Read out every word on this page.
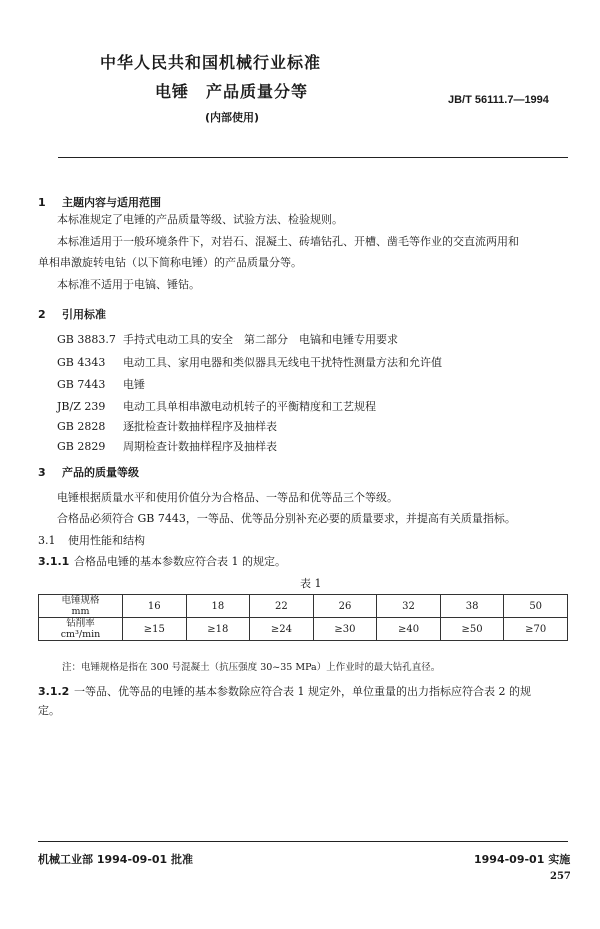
中华人民共和国机械行业标准
电锤　产品质量分等	JB/T 56111.7—1994
(内部使用)
1 主题内容与适用范围
本标准规定了电锤的产品质量等级、试验方法、检验规则。
本标准适用于一般环境条件下，对岩石、混凝土、砖墙钻孔、开槽、凿毛等作业的交直流两用和
单相串激旋转电钻（以下简称电锤）的产品质量分等。
本标准不适用于电镐、锤钻。
2 引用标准
GB 3883.7 手持式电动工具的安全　第二部分　电镐和电锤专用要求
GB 4343 电动工具、家用电器和类似器具无线电干扰特性测量方法和允许值
GB 7443 电锤
JB/Z 239 电动工具单相串激电动机转子的平衡精度和工艺规程
GB 2828 逐批检查计数抽样程序及抽样表
GB 2829 周期检查计数抽样程序及抽样表
3 产品的质量等级
电锤根据质量水平和使用价值分为合格品、一等品和优等品三个等级。
合格品必须符合 GB 7443，一等品、优等品分别补充必要的质量要求，并提高有关质量指标。
3.1 使用性能和结构
3.1.1 合格品电锤的基本参数应符合表 1 的规定。
表 1
电锤规格
mm	16	18	22	26	32	38	50

钻削率
cm³/min	≥15	≥18	≥24	≥30	≥40	≥50	≥70
注：电锤规格是指在 300 号混凝土（抗压强度 30~35 MPa）上作业时的最大钻孔直径。
3.1.2 一等品、优等品的电锤的基本参数除应符合表 1 规定外，单位重量的出力指标应符合表 2 的规
定。
机械工业部 1994-09-01 批准	1994-09-01 实施
257
